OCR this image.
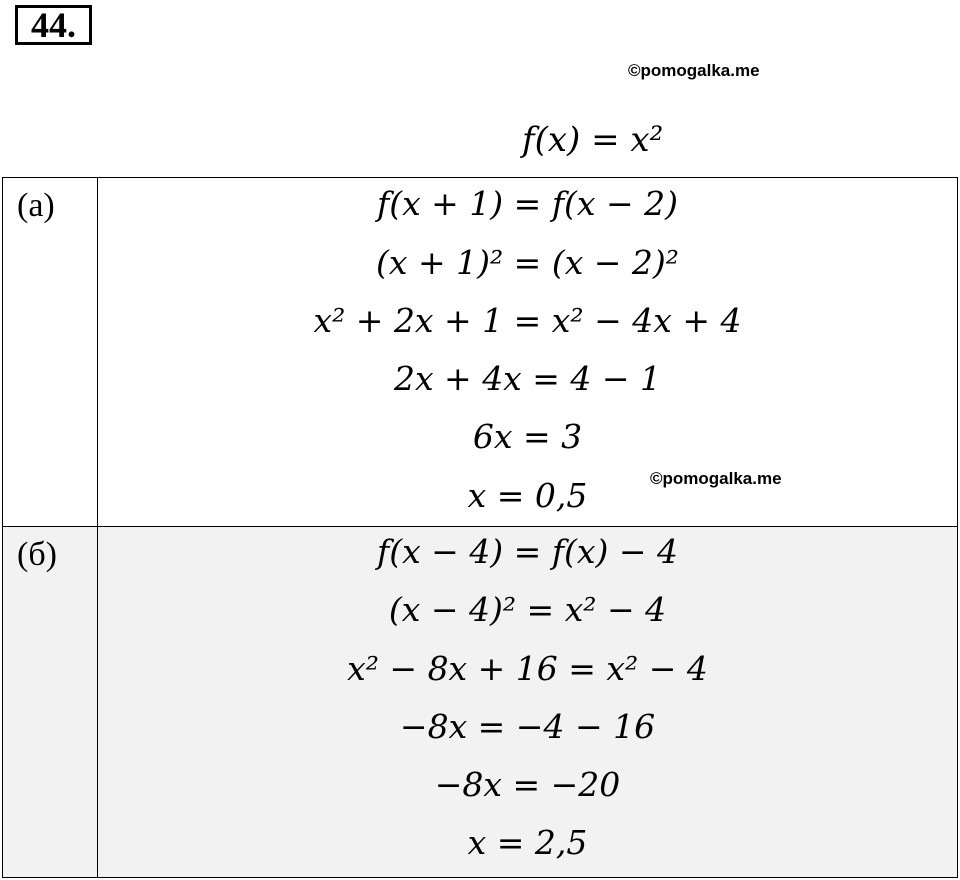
44.
©pomogalka.me
f(x) = x²
(а)	f(x + 1) = f(x − 2)
(x + 1)² = (x − 2)²
x² + 2x + 1 = x² − 4x + 4
2x + 4x = 4 − 1
6x = 3
x = 0,5
(б)	f(x − 4) = f(x) − 4
(x − 4)² = x² − 4
x² − 8x + 16 = x² − 4
−8x = −4 − 16
−8x = −20
x = 2,5
©pomogalka.me
